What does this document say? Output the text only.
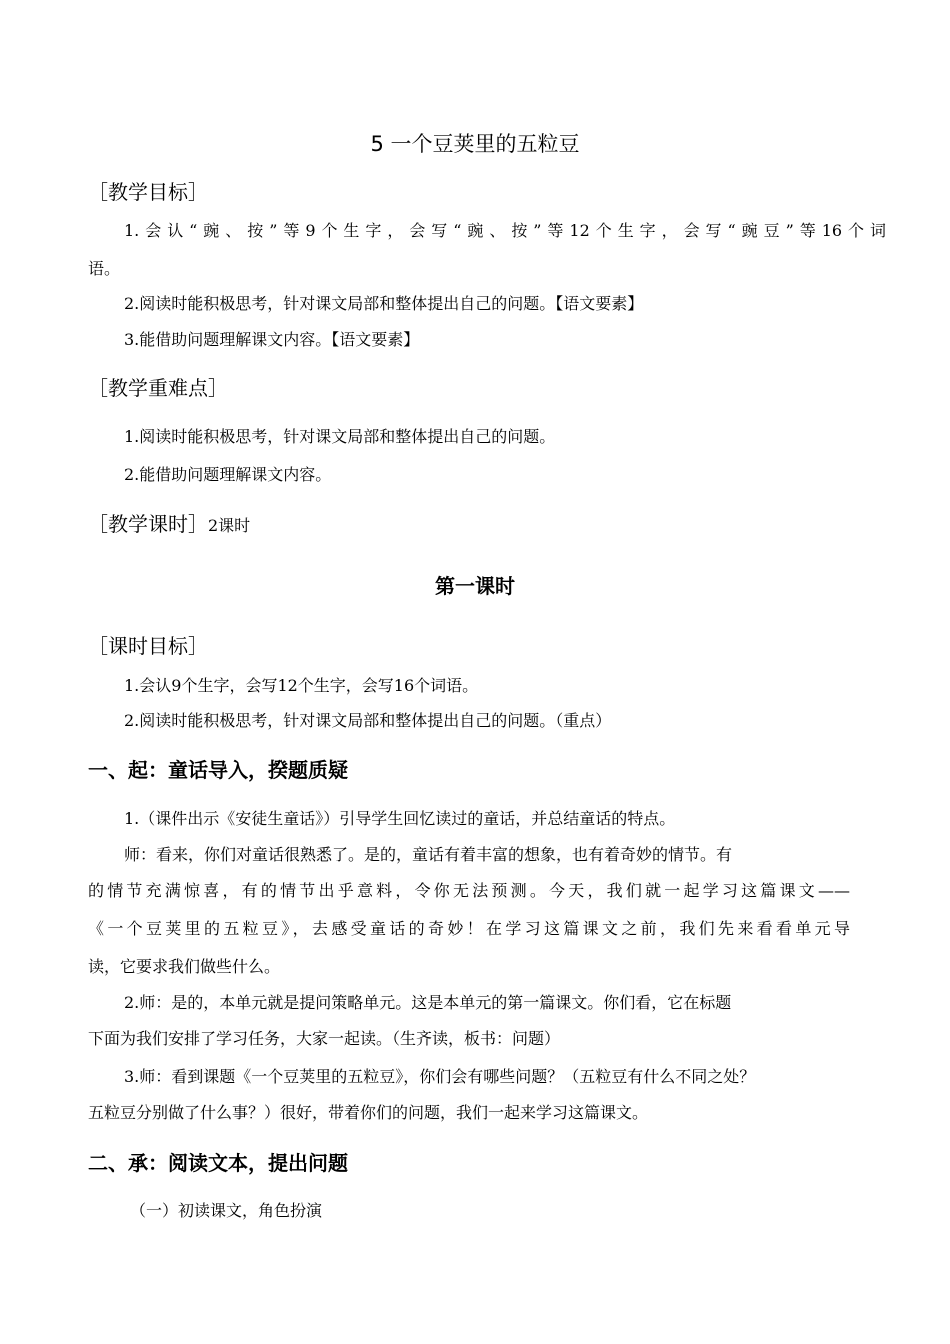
5 一个豆荚里的五粒豆
［教学目标］
1.会认“豌、按”等9个生字，会写“豌、按”等12个生字，会写“豌豆”等16个词
语。
2.阅读时能积极思考，针对课文局部和整体提出自己的问题。【语文要素】
3.能借助问题理解课文内容。【语文要素】
［教学重难点］
1.阅读时能积极思考，针对课文局部和整体提出自己的问题。
2.能借助问题理解课文内容。
［教学课时］2课时
第一课时
［课时目标］
1.会认9个生字，会写12个生字，会写16个词语。
2.阅读时能积极思考，针对课文局部和整体提出自己的问题。（重点）
一、起：童话导入，揆题质疑
1.（课件出示《安徒生童话》）引导学生回忆读过的童话，并总结童话的特点。
师：看来，你们对童话很熟悉了。是的，童话有着丰富的想象，也有着奇妙的情节。有
的情节充满惊喜，有的情节出乎意料，令你无法预测。今天，我们就一起学习这篇课文——
《一个豆荚里的五粒豆》，去感受童话的奇妙！在学习这篇课文之前，我们先来看看单元导
读，它要求我们做些什么。
2.师：是的，本单元就是提问策略单元。这是本单元的第一篇课文。你们看，它在标题
下面为我们安排了学习任务，大家一起读。（生齐读，板书：问题）
3.师：看到课题《一个豆荚里的五粒豆》，你们会有哪些问题？（五粒豆有什么不同之处？
五粒豆分别做了什么事？）很好，带着你们的问题，我们一起来学习这篇课文。
二、承：阅读文本，提出问题
（一）初读课文，角色扮演
